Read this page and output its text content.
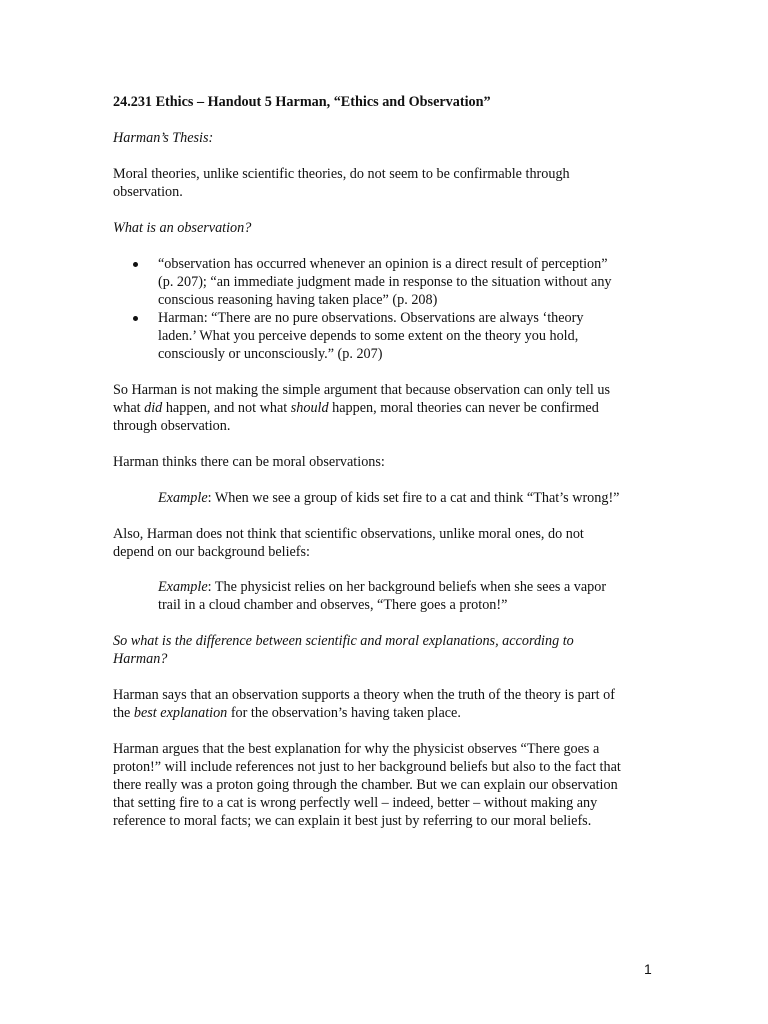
24.231 Ethics – Handout 5 Harman, “Ethics and Observation”
Harman’s Thesis:
Moral theories, unlike scientific theories, do not seem to be confirmable through
observation.
What is an observation?
“observation has occurred whenever an opinion is a direct result of perception”
(p. 207); “an immediate judgment made in response to the situation without any
conscious reasoning having taken place” (p. 208)
Harman: “There are no pure observations. Observations are always ‘theory
laden.’ What you perceive depends to some extent on the theory you hold,
consciously or unconsciously.” (p. 207)
So Harman is not making the simple argument that because observation can only tell us
what did happen, and not what should happen, moral theories can never be confirmed
through observation.
Harman thinks there can be moral observations:
Example: When we see a group of kids set fire to a cat and think “That’s wrong!”
Also, Harman does not think that scientific observations, unlike moral ones, do not
depend on our background beliefs:
Example: The physicist relies on her background beliefs when she sees a vapor
trail in a cloud chamber and observes, “There goes a proton!”
So what is the difference between scientific and moral explanations, according to
Harman?
Harman says that an observation supports a theory when the truth of the theory is part of
the best explanation for the observation’s having taken place.
Harman argues that the best explanation for why the physicist observes “There goes a
proton!” will include references not just to her background beliefs but also to the fact that
there really was a proton going through the chamber. But we can explain our observation
that setting fire to a cat is wrong perfectly well – indeed, better – without making any
reference to moral facts; we can explain it best just by referring to our moral beliefs.
1
